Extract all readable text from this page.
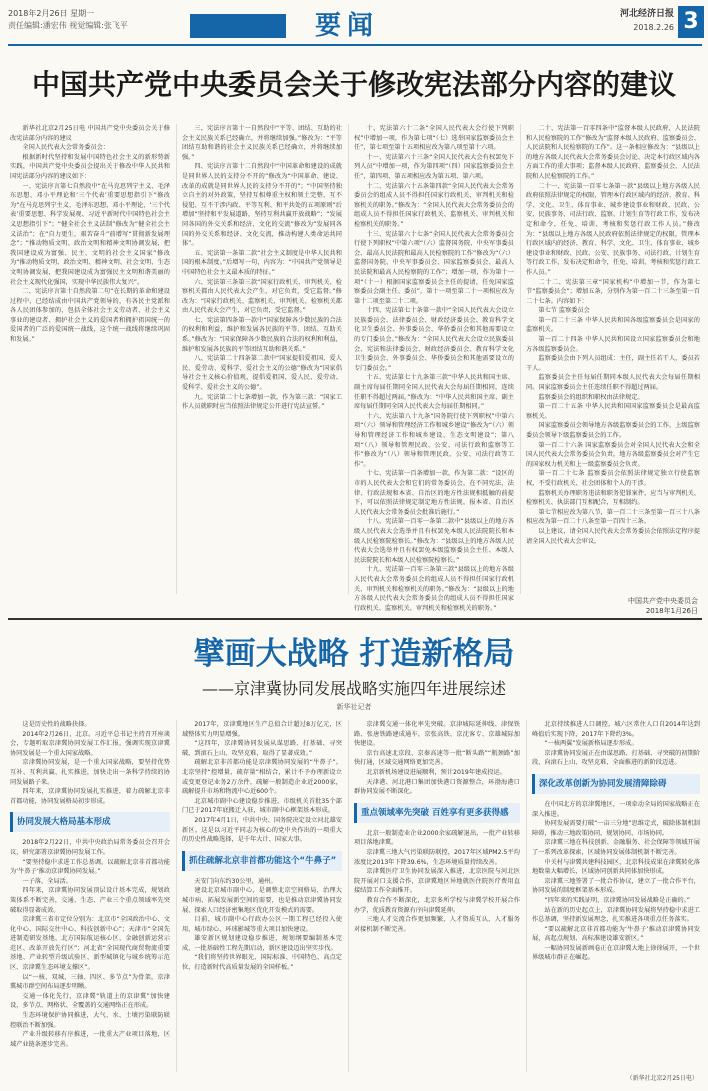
2018年2月26日 星期一
责任编辑:潘宏伟 视觉编辑:张飞平	要闻	河北经济日报
2018.2.26 3
中国共产党中央委员会关于修改宪法部分内容的建议

新华社北京2月25日电 中国共产党中央委员会关于修改宪法部分内容的建议

全国人民代表大会常务委员会：

根据新时代坚持和发展中国特色社会主义的新形势新实践，中国共产党中央委员会提出关于修改中华人民共和国宪法部分内容的建议如下：

一、宪法序言第七自然段中“在马克思列宁主义、毛泽东思想、邓小平理论和‘三个代表’重要思想指引下”修改为“在马克思列宁主义、毛泽东思想、邓小平理论、‘三个代表’重要思想、科学发展观、习近平新时代中国特色社会主义思想指引下”；“健全社会主义法制”修改为“健全社会主义法治”；在“自力更生，艰苦奋斗”前增写“贯彻新发展理念”；“推动物质文明、政治文明和精神文明协调发展，把我国建设成为富强、民主、文明的社会主义国家”修改为“推动物质文明、政治文明、精神文明、社会文明、生态文明协调发展，把我国建设成为富强民主文明和谐美丽的社会主义现代化强国，实现中华民族伟大复兴”。

二、宪法序言第十自然段第二句“在长期的革命和建设过程中，已经结成由中国共产党领导的，有各民主党派和各人民团体参加的，包括全体社会主义劳动者、社会主义事业的建设者、拥护社会主义的爱国者和拥护祖国统一的爱国者的广泛的爱国统一战线，这个统一战线将继续巩固和发展。”

三、宪法序言第十一自然段中“平等、团结、互助的社会主义民族关系已经确立，并将继续加强。”修改为：“平等团结互助和谐的社会主义民族关系已经确立，并将继续加强。”

四、宪法序言第十二自然段中“中国革命和建设的成就是同世界人民的支持分不开的”修改为“中国革命、建设、改革的成就是同世界人民的支持分不开的”；“中国坚持独立自主的对外政策，坚持互相尊重主权和领土完整、互不侵犯、互不干涉内政、平等互利、和平共处的五项原则”后增加“坚持和平发展道路，坚持互利共赢开放战略”；“发展同各国的外交关系和经济、文化的交流”修改为“发展同各国的外交关系和经济、文化交流，推动构建人类命运共同体”。

五、宪法第一条第二款“社会主义制度是中华人民共和国的根本制度。”后增写一句，内容为：“中国共产党领导是中国特色社会主义最本质的特征。”

六、宪法第三条第三款“国家行政机关、审判机关、检察机关都由人民代表大会产生，对它负责，受它监督。”修改为：“国家行政机关、监察机关、审判机关、检察机关都由人民代表大会产生，对它负责，受它监督。”

七、宪法第四条第一款中“国家保障各少数民族的合法的权利和利益，维护和发展各民族的平等、团结、互助关系。”修改为：“国家保障各少数民族的合法的权利和利益，维护和发展各民族的平等团结互助和谐关系。”

八、宪法第二十四条第二款中“国家提倡爱祖国、爱人民、爱劳动、爱科学、爱社会主义的公德”修改为“国家倡导社会主义核心价值观，提倡爱祖国、爱人民、爱劳动、爱科学、爱社会主义的公德”。

九、宪法第二十七条增加一款，作为第三款：“国家工作人员就职时应当依照法律规定公开进行宪法宣誓。”

十、宪法第六十二条“全国人民代表大会行使下列职权”中增加一项，作为第七项“（七）选举国家监察委员会主任”，第七项至第十五项相应改为第八项至第十六项。

十一、宪法第六十三条“全国人民代表大会有权罢免下列人员”中增加一项，作为第四项“（四）国家监察委员会主任”，第四项、第五项相应改为第五项、第六项。

十二、宪法第六十五条第四款“全国人民代表大会常务委员会的组成人员不得担任国家行政机关、审判机关和检察机关的职务。”修改为：“全国人民代表大会常务委员会的组成人员不得担任国家行政机关、监察机关、审判机关和检察机关的职务。”

十三、宪法第六十七条“全国人民代表大会常务委员会行使下列职权”中第六项“（六）监督国务院、中央军事委员会、最高人民法院和最高人民检察院的工作”修改为“（六）监督国务院、中央军事委员会、国家监察委员会、最高人民法院和最高人民检察院的工作”；增加一项，作为第十一项“（十一）根据国家监察委员会主任的提请，任免国家监察委员会副主任、委员”，第十一项至第二十一项相应改为第十二项至第二十二项。

十四、宪法第七十条第一款中“全国人民代表大会设立民族委员会、法律委员会、财政经济委员会、教育科学文化卫生委员会、外事委员会、华侨委员会和其他需要设立的专门委员会。”修改为：“全国人民代表大会设立民族委员会、宪法和法律委员会、财政经济委员会、教育科学文化卫生委员会、外事委员会、华侨委员会和其他需要设立的专门委员会。”

十五、宪法第七十九条第三款“中华人民共和国主席、副主席每届任期同全国人民代表大会每届任期相同，连续任职不得超过两届。”修改为：“中华人民共和国主席、副主席每届任期同全国人民代表大会每届任期相同。”

十六、宪法第八十九条“国务院行使下列职权”中第六项“（六）领导和管理经济工作和城乡建设”修改为“（六）领导和管理经济工作和城乡建设、生态文明建设”；第八项“（八）领导和管理民政、公安、司法行政和监察等工作”修改为“（八）领导和管理民政、公安、司法行政等工作”。

十七、宪法第一百条增加一款，作为第二款：“设区的市的人民代表大会和它们的常务委员会，在不同宪法、法律、行政法规和本省、自治区的地方性法规相抵触的前提下，可以依照法律规定制定地方性法规，报本省、自治区人民代表大会常务委员会批准后施行。”

十八、宪法第一百零一条第二款中“县级以上的地方各级人民代表大会选举并且有权罢免本级人民法院院长和本级人民检察院检察长。”修改为：“县级以上的地方各级人民代表大会选举并且有权罢免本级监察委员会主任、本级人民法院院长和本级人民检察院检察长。”

十九、宪法第一百零三条第三款“县级以上的地方各级人民代表大会常务委员会的组成人员不得担任国家行政机关、审判机关和检察机关的职务。”修改为：“县级以上的地方各级人民代表大会常务委员会的组成人员不得担任国家行政机关、监察机关、审判机关和检察机关的职务。”

二十、宪法第一百零四条中“监督本级人民政府、人民法院和人民检察院的工作”修改为“监督本级人民政府、监察委员会、人民法院和人民检察院的工作”。这一条相应修改为：“县级以上的地方各级人民代表大会常务委员会讨论、决定本行政区域内各方面工作的重大事项；监督本级人民政府、监察委员会、人民法院和人民检察院的工作。”

二十一、宪法第一百零七条第一款“县级以上地方各级人民政府依照法律规定的权限，管理本行政区域内的经济、教育、科学、文化、卫生、体育事业、城乡建设事业和财政、民政、公安、民族事务、司法行政、监察、计划生育等行政工作，发布决定和命令，任免、培训、考核和奖惩行政工作人员。”修改为：“县级以上地方各级人民政府依照法律规定的权限，管理本行政区域内的经济、教育、科学、文化、卫生、体育事业、城乡建设事业和财政、民政、公安、民族事务、司法行政、计划生育等行政工作，发布决定和命令，任免、培训、考核和奖惩行政工作人员。”

二十二、宪法第三章“国家机构”中增加一节，作为第七节“监察委员会”；增加五条，分别作为第一百二十三条至第一百二十七条。内容如下：

第七节 监察委员会

第一百二十三条 中华人民共和国各级监察委员会是国家的监察机关。

第一百二十四条 中华人民共和国设立国家监察委员会和地方各级监察委员会。

监察委员会由下列人员组成：主任，副主任若干人，委员若干人。

监察委员会主任每届任期同本级人民代表大会每届任期相同。国家监察委员会主任连续任职不得超过两届。

监察委员会的组织和职权由法律规定。

第一百二十五条 中华人民共和国国家监察委员会是最高监察机关。

国家监察委员会领导地方各级监察委员会的工作，上级监察委员会领导下级监察委员会的工作。

第一百二十六条 国家监察委员会对全国人民代表大会和全国人民代表大会常务委员会负责。地方各级监察委员会对产生它的国家权力机关和上一级监察委员会负责。

第一百二十七条 监察委员会依照法律规定独立行使监察权，不受行政机关、社会团体和个人的干涉。

监察机关办理职务违法和职务犯罪案件，应当与审判机关、检察机关、执法部门互相配合，互相制约。

第七节相应改为第八节，第一百二十三条至第一百三十八条相应改为第一百二十八条至第一百四十三条。

以上建议，请全国人民代表大会常务委员会依照法定程序提请全国人民代表大会审议。

中国共产党中央委员会
2018年1月26日
擘画大战略 打造新格局
——京津冀协同发展战略实施四年进展综述
新华社记者

这是历史性的战略抉择。

2014年2月26日，北京。习近平总书记主持召开座谈会，专题听取京津冀协同发展工作汇报，强调实现京津冀协同发展是一个重大国家战略。

京津冀协同发展，是一个重大国家战略，要坚持优势互补、互利共赢、扎实推进，加快走出一条科学持续的协同发展路子来。

四年来，京津冀协同发展扎实推进，着力疏解北京非首都功能，协同发展格局初步形成。

协同发展大格局基本形成

2018年2月22日，中共中央政治局常务委员会召开会议，研究部署京津冀协同发展工作。

“要坚持稳中求进工作总基调，以疏解北京非首都功能为‘牛鼻子’推动京津冀协同发展。”

一子落，全局活。

四年来，京津冀协同发展顶层设计基本完成，规划政策体系不断完善，交通、生态、产业三个重点领域率先突破取得显著成效。

京津冀三省市定位分别为：北京市“全国政治中心、文化中心、国际交往中心、科技创新中心”；天津市“全国先进制造研发基地、北方国际航运核心区、金融创新运营示范区、改革开放先行区”；河北省“全国现代商贸物流重要基地、产业转型升级试验区、新型城镇化与城乡统筹示范区、京津冀生态环境支撑区”。

以“一核、双城、三轴、四区、多节点”为骨架，京津冀城市群空间布局逐步明晰。

交通一体化先行，京津冀“轨道上的京津冀”加快建设，多节点、网格状、全覆盖的交通网络正在形成。

生态环境保护协同推进，大气、水、土壤污染联防联控联治不断加强。

产业升级转移有序推进，一批重大产业项目落地，区域产业链条逐步完善。

2017年，京津冀地区生产总值合计超过8万亿元，区域整体实力明显增强。

“这四年，京津冀协同发展从谋思路、打基础、寻突破，到滚石上山、攻坚克难，取得了显著成效。”

疏解北京非首都功能是京津冀协同发展的“牛鼻子”。北京坚持“控增量、疏存量”相结合，累计不予办理新设立或变更登记业务2万余件，疏解一般制造企业近2000家，疏解提升市场和物流中心近600个。

北京城市副中心建设稳步推进，市级机关首批35个部门已于2017年底搬迁入驻，城市副中心框架基本形成。

2017年4月1日，中共中央、国务院决定设立河北雄安新区。这是以习近平同志为核心的党中央作出的一项重大的历史性战略选择，是千年大计、国家大事。

抓住疏解北京非首都功能这个“牛鼻子”

天安门向东约30公里，通州。

建设北京城市副中心，是调整北京空间格局、治理大城市病、拓展发展新空间的需要，也是推动京津冀协同发展、探索人口经济密集地区优化开发模式的需要。

目前，城市副中心行政办公区一期工程已经投入使用，城市绿心、环球影城等重大项目加快建设。

雄安新区规划建设稳步推进，规划纲要编制基本完成，一批基础性工程先期启动，新区建设迈出坚实步伐。

“我们将坚持世界眼光、国际标准、中国特色、高点定位，打造新时代高质量发展的全国样板。”

京津冀交通一体化率先突破。京津城际延伸线、津保铁路、张唐铁路建成通车，京张高铁、京沈客专、京雄城际加快建设。

京台高速北京段、京秦高速等一批“断头路”“瓶颈路”加快打通，区域交通网络更加完善。

北京新机场建设进展顺利，预计2019年建成投运。

天津港、河北港口集团加快港口资源整合，环渤海港口群协同发展不断深化。

重点领域率先突破 百姓享有更多获得感

北京一般制造业企业2000余家疏解退出，一批产业转移项目落地津冀。

京津冀三地大气污染联防联控，2017年区域PM2.5平均浓度比2013年下降39.6%，生态环境质量持续改善。

京津冀医疗卫生协同发展深入推进，北京医院与河北医院开展对口支援合作，京津冀地区异地就医住院医疗费用直接结算工作全面推开。

教育合作不断深化，北京多所学校与津冀学校开展合作办学，优质教育资源有序向津冀延伸。

三地人才交流合作更加频繁，人才资质互认、人才服务对接机制不断完善。

北京持续推进人口调控，城六区常住人口自2014年达到峰值后实现下降，2017年下降约3%。

“一核两翼”发展新格局逐步形成。

京津冀协同发展正在由谋思路、打基础、寻突破的初期阶段，向滚石上山、攻坚克难、全面推进的新阶段迈进。

深化改革创新为协同发展清障除碍

在中国北方的京津冀地区，一项牵动全局的国家战略正在深入推进。

协同发展需要打破“一亩三分地”思维定式，破除体制机制障碍，推动三地政策协同、规划协同、市场协同。

京津冀三地在科技创新、金融服务、社会保障等领域开展了一系列改革探索，区域协同发展体制机制不断完善。

中关村与津冀共建科技园区，北京科技成果在津冀转化落地数量大幅增长，区域协同创新共同体加快形成。

京津冀三地签署了一批合作协议，建立了一批合作平台，协同发展的制度框架基本形成。

“四年来的实践证明，京津冀协同发展战略是正确的。”

站在新的历史起点上，京津冀协同发展将坚持稳中求进工作总基调，坚持新发展理念，扎实推进各项重点任务落实。

“要以疏解北京非首都功能为‘牛鼻子’推动京津冀协同发展，高起点规划、高标准建设雄安新区。”

一幅协同发展新画卷正在京津冀大地上徐徐展开，一个世界级城市群正在崛起。

（新华社北京2月25日电）
